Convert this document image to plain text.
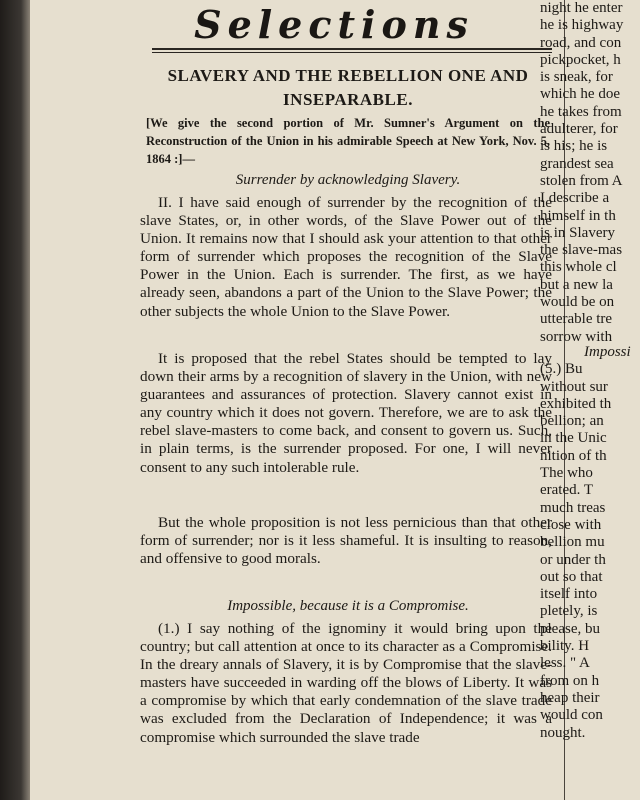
Selections
SLAVERY AND THE REBELLION ONE AND
INSEPARABLE.
[We give the second portion of Mr. Sumner's Argument on the Reconstruction of the Union in his admirable Speech at New York, Nov. 5, 1864 :]—
Surrender by acknowledging Slavery.
II. I have said enough of surrender by the recognition of the slave States, or, in other words, of the Slave Power out of the Union. It remains now that I should ask your attention to that other form of surrender which proposes the recognition of the Slave Power in the Union. Each is surrender. The first, as we have already seen, abandons a part of the Union to the Slave Power; the other subjects the whole Union to the Slave Power.
It is proposed that the rebel States should be tempted to lay down their arms by a recognition of slavery in the Union, with new guarantees and assurances of protection. Slavery cannot exist in any country which it does not govern. Therefore, we are to ask the rebel slave-masters to come back, and consent to govern us. Such, in plain terms, is the surrender proposed. For one, I will never consent to any such intolerable rule.
But the whole proposition is not less pernicious than that other form of surrender; nor is it less shameful. It is insulting to reason, and offensive to good morals.
Impossible, because it is a Compromise.
(1.) I say nothing of the ignominy it would bring upon the country; but call attention at once to its character as a Compromise. In the dreary annals of Slavery, it is by Compromise that the slave-masters have succeeded in warding off the blows of Liberty. It was a compromise by which that early condemnation of the slave trade was excluded from the Declaration of Independence; it was a compromise which surrounded the slave trade
night he enter
he is highway
road, and con
pickpocket, h
is sneak, for
which he doe
he takes from
adulterer, for
is his; he is
grandest sea
stolen from A
I describe a
himself in th
is in Slavery
the slave-mas
this whole cl
but a new la
would be on
utterable tre
sorrow with
Impossi
(5.) Bu
without sur
exhibited th
bellion; an
in the Unic
nition of th
The who
erated. T
much treas
close with
bellion mu
or under th
out so that
itself into
pletely, is
please, bu
bility. H
less. " A
from on h
heap their
would con
nought.
